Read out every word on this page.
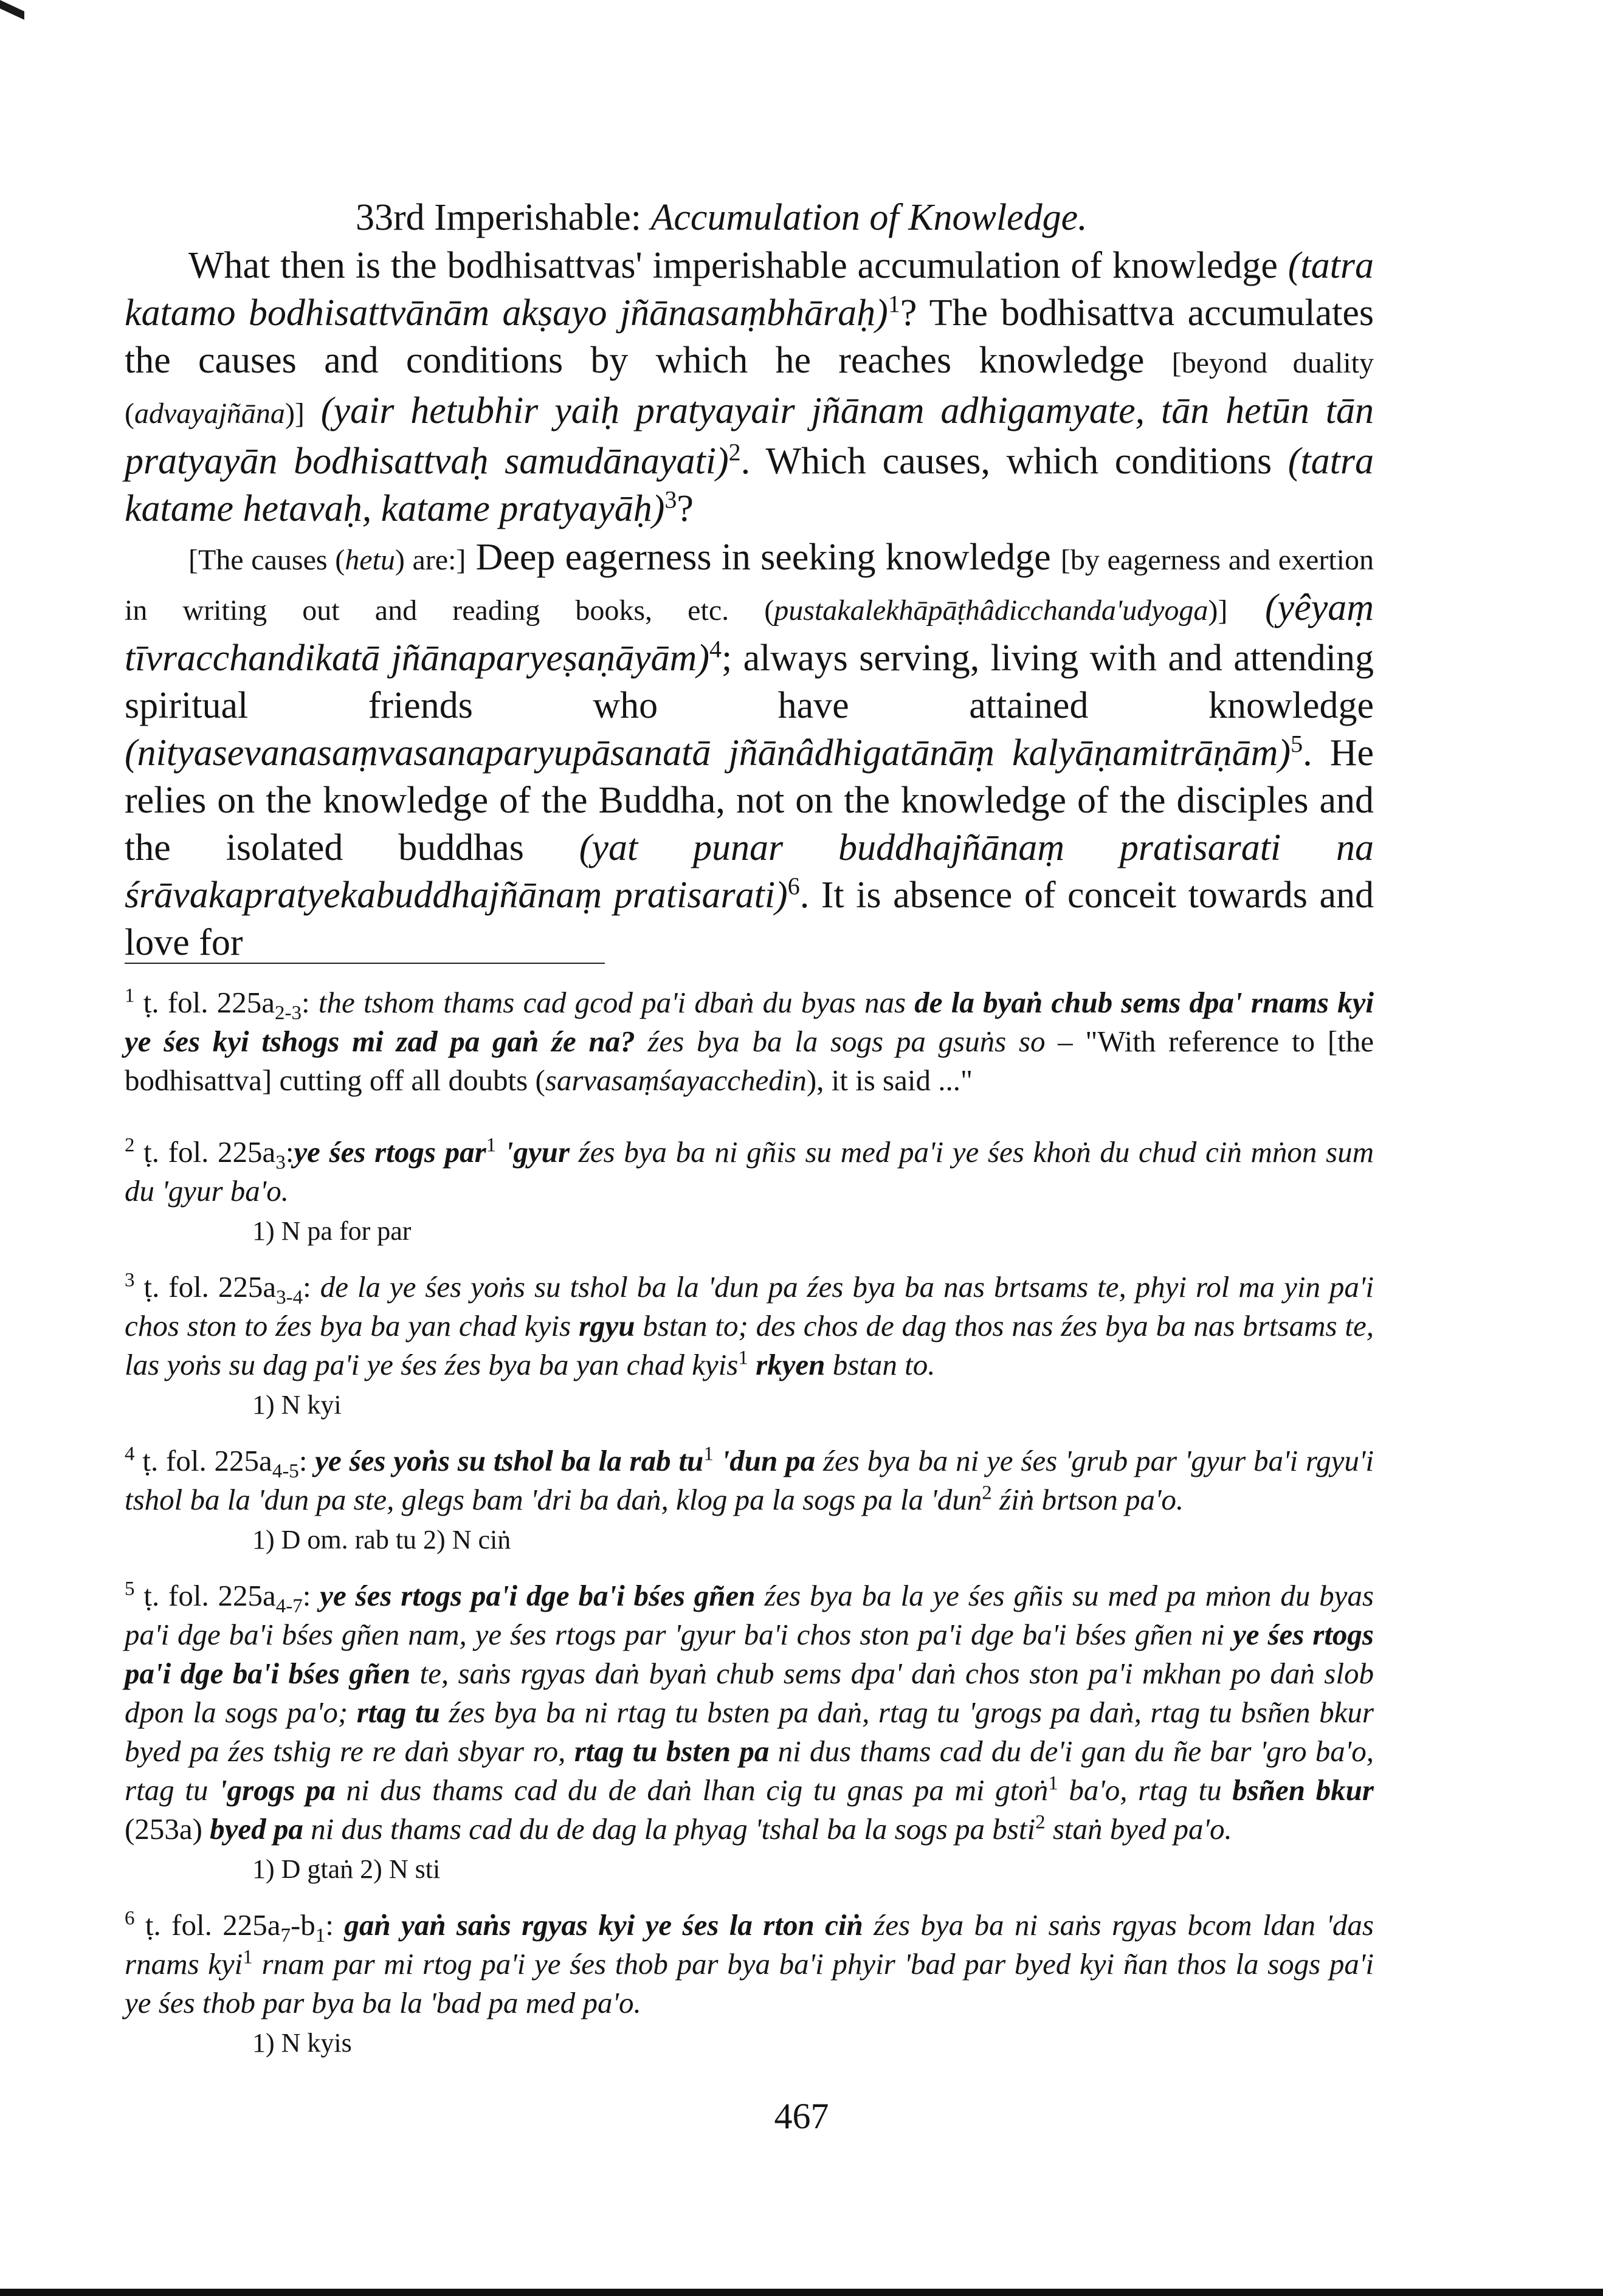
33rd Imperishable: Accumulation of Knowledge.

What then is the bodhisattvas' imperishable accumulation of knowledge (tatra katamo bodhisattvānām akṣayo jñānasaṃbhāraḥ)$^1$? The bodhisattva accumulates the causes and conditions by which he reaches knowledge [beyond duality (advayajñāna)] (yair hetubhir yaiḥ pratyayair jñānam adhigamyate, tān hetūn tān pratyayān bodhisattvaḥ samudānayati)$^2$. Which causes, which conditions (tatra katame hetavaḥ, katame pratyayāḥ)$^3$?

[The causes (hetu) are:] Deep eagerness in seeking knowledge [by eagerness and exertion in writing out and reading books, etc. (pustakalekhāpāṭhâdicchanda'udyoga)] (yêyaṃ tīvracchandikatā jñānaparyeṣaṇāyām)$^4$; always serving, living with and attending spiritual friends who have attained knowledge (nityasevanasaṃvasanaparyupāsanatā jñānâdhigatānāṃ kalyāṇamitrāṇām)$^5$. He relies on the knowledge of the Buddha, not on the knowledge of the disciples and the isolated buddhas (yat punar buddhajñānaṃ pratisarati na śrāvakapratyekabuddhajñānaṃ pratisarati)$^6$. It is absence of conceit towards and love for

$^1$ ṭ. fol. $225a_{2-3}$: the tshom thams cad gcod pa'i dbaṅ du byas nas de la byaṅ chub sems dpa' rnams kyi ye śes kyi tshogs mi zad pa gaṅ źe na? źes bya ba la sogs pa gsuṅs so – "With reference to [the bodhisattva] cutting off all doubts (sarvasaṃśayacchedin), it is said ..."

$^2$ ṭ. fol. $225a_3:ye$ śes rtogs par$^1$ 'gyur źes bya ba ni gñis su med pa'i ye śes khoṅ du chud ciṅ mṅon sum du 'gyur ba'o.

1) N pa for par

$^3$ ṭ. fol. $225a_{3-4}$: de la ye śes yoṅs su tshol ba la 'dun pa źes bya ba nas brtsams te, phyi rol ma yin pa'i chos ston to źes bya ba yan chad kyis rgyu bstan to; des chos de dag thos nas źes bya ba nas brtsams te, las yoṅs su dag pa'i ye śes źes bya ba yan chad kyis$^1$ rkyen bstan to.

1) N kyi

$^4$ ṭ. fol. $225a_{4-5}$: ye śes yoṅs su tshol ba la rab tu$^1$ 'dun pa źes bya ba ni ye śes 'grub par 'gyur ba'i rgyu'i tshol ba la 'dun pa ste, glegs bam 'dri ba daṅ, klog pa la sogs pa la 'dun$^2$ źiṅ brtson pa'o.

1) D om. rab tu 2) N ciṅ

$^5$ ṭ. fol. $225a_{4-7}$: ye śes rtogs pa'i dge ba'i bśes gñen źes bya ba la ye śes gñis su med pa mṅon du byas pa'i dge ba'i bśes gñen nam, ye śes rtogs par 'gyur ba'i chos ston pa'i dge ba'i bśes gñen ni ye śes rtogs pa'i dge ba'i bśes gñen te, saṅs rgyas daṅ byaṅ chub sems dpa' daṅ chos ston pa'i mkhan po daṅ slob dpon la sogs pa'o; rtag tu źes bya ba ni rtag tu bsten pa daṅ, rtag tu 'grogs pa daṅ, rtag tu bsñen bkur byed pa źes tshig re re daṅ sbyar ro, rtag tu bsten pa ni dus thams cad du de'i gan du ñe bar 'gro ba'o, rtag tu 'grogs pa ni dus thams cad du de daṅ lhan cig tu gnas pa mi gtoṅ$^1$ ba'o, rtag tu bsñen bkur (253a) byed pa ni dus thams cad du de dag la phyag 'tshal ba la sogs pa bsti$^2$ staṅ byed pa'o.

1) D gtaṅ 2) N sti

$^6$ ṭ. fol. $225a_7-b_1$: gaṅ yaṅ saṅs rgyas kyi ye śes la rton ciṅ źes bya ba ni saṅs rgyas bcom ldan 'das rnams kyi$^1$ rnam par mi rtog pa'i ye śes thob par bya ba'i phyir 'bad par byed kyi ñan thos la sogs pa'i ye śes thob par bya ba la 'bad pa med pa'o.

1) N kyis

467
